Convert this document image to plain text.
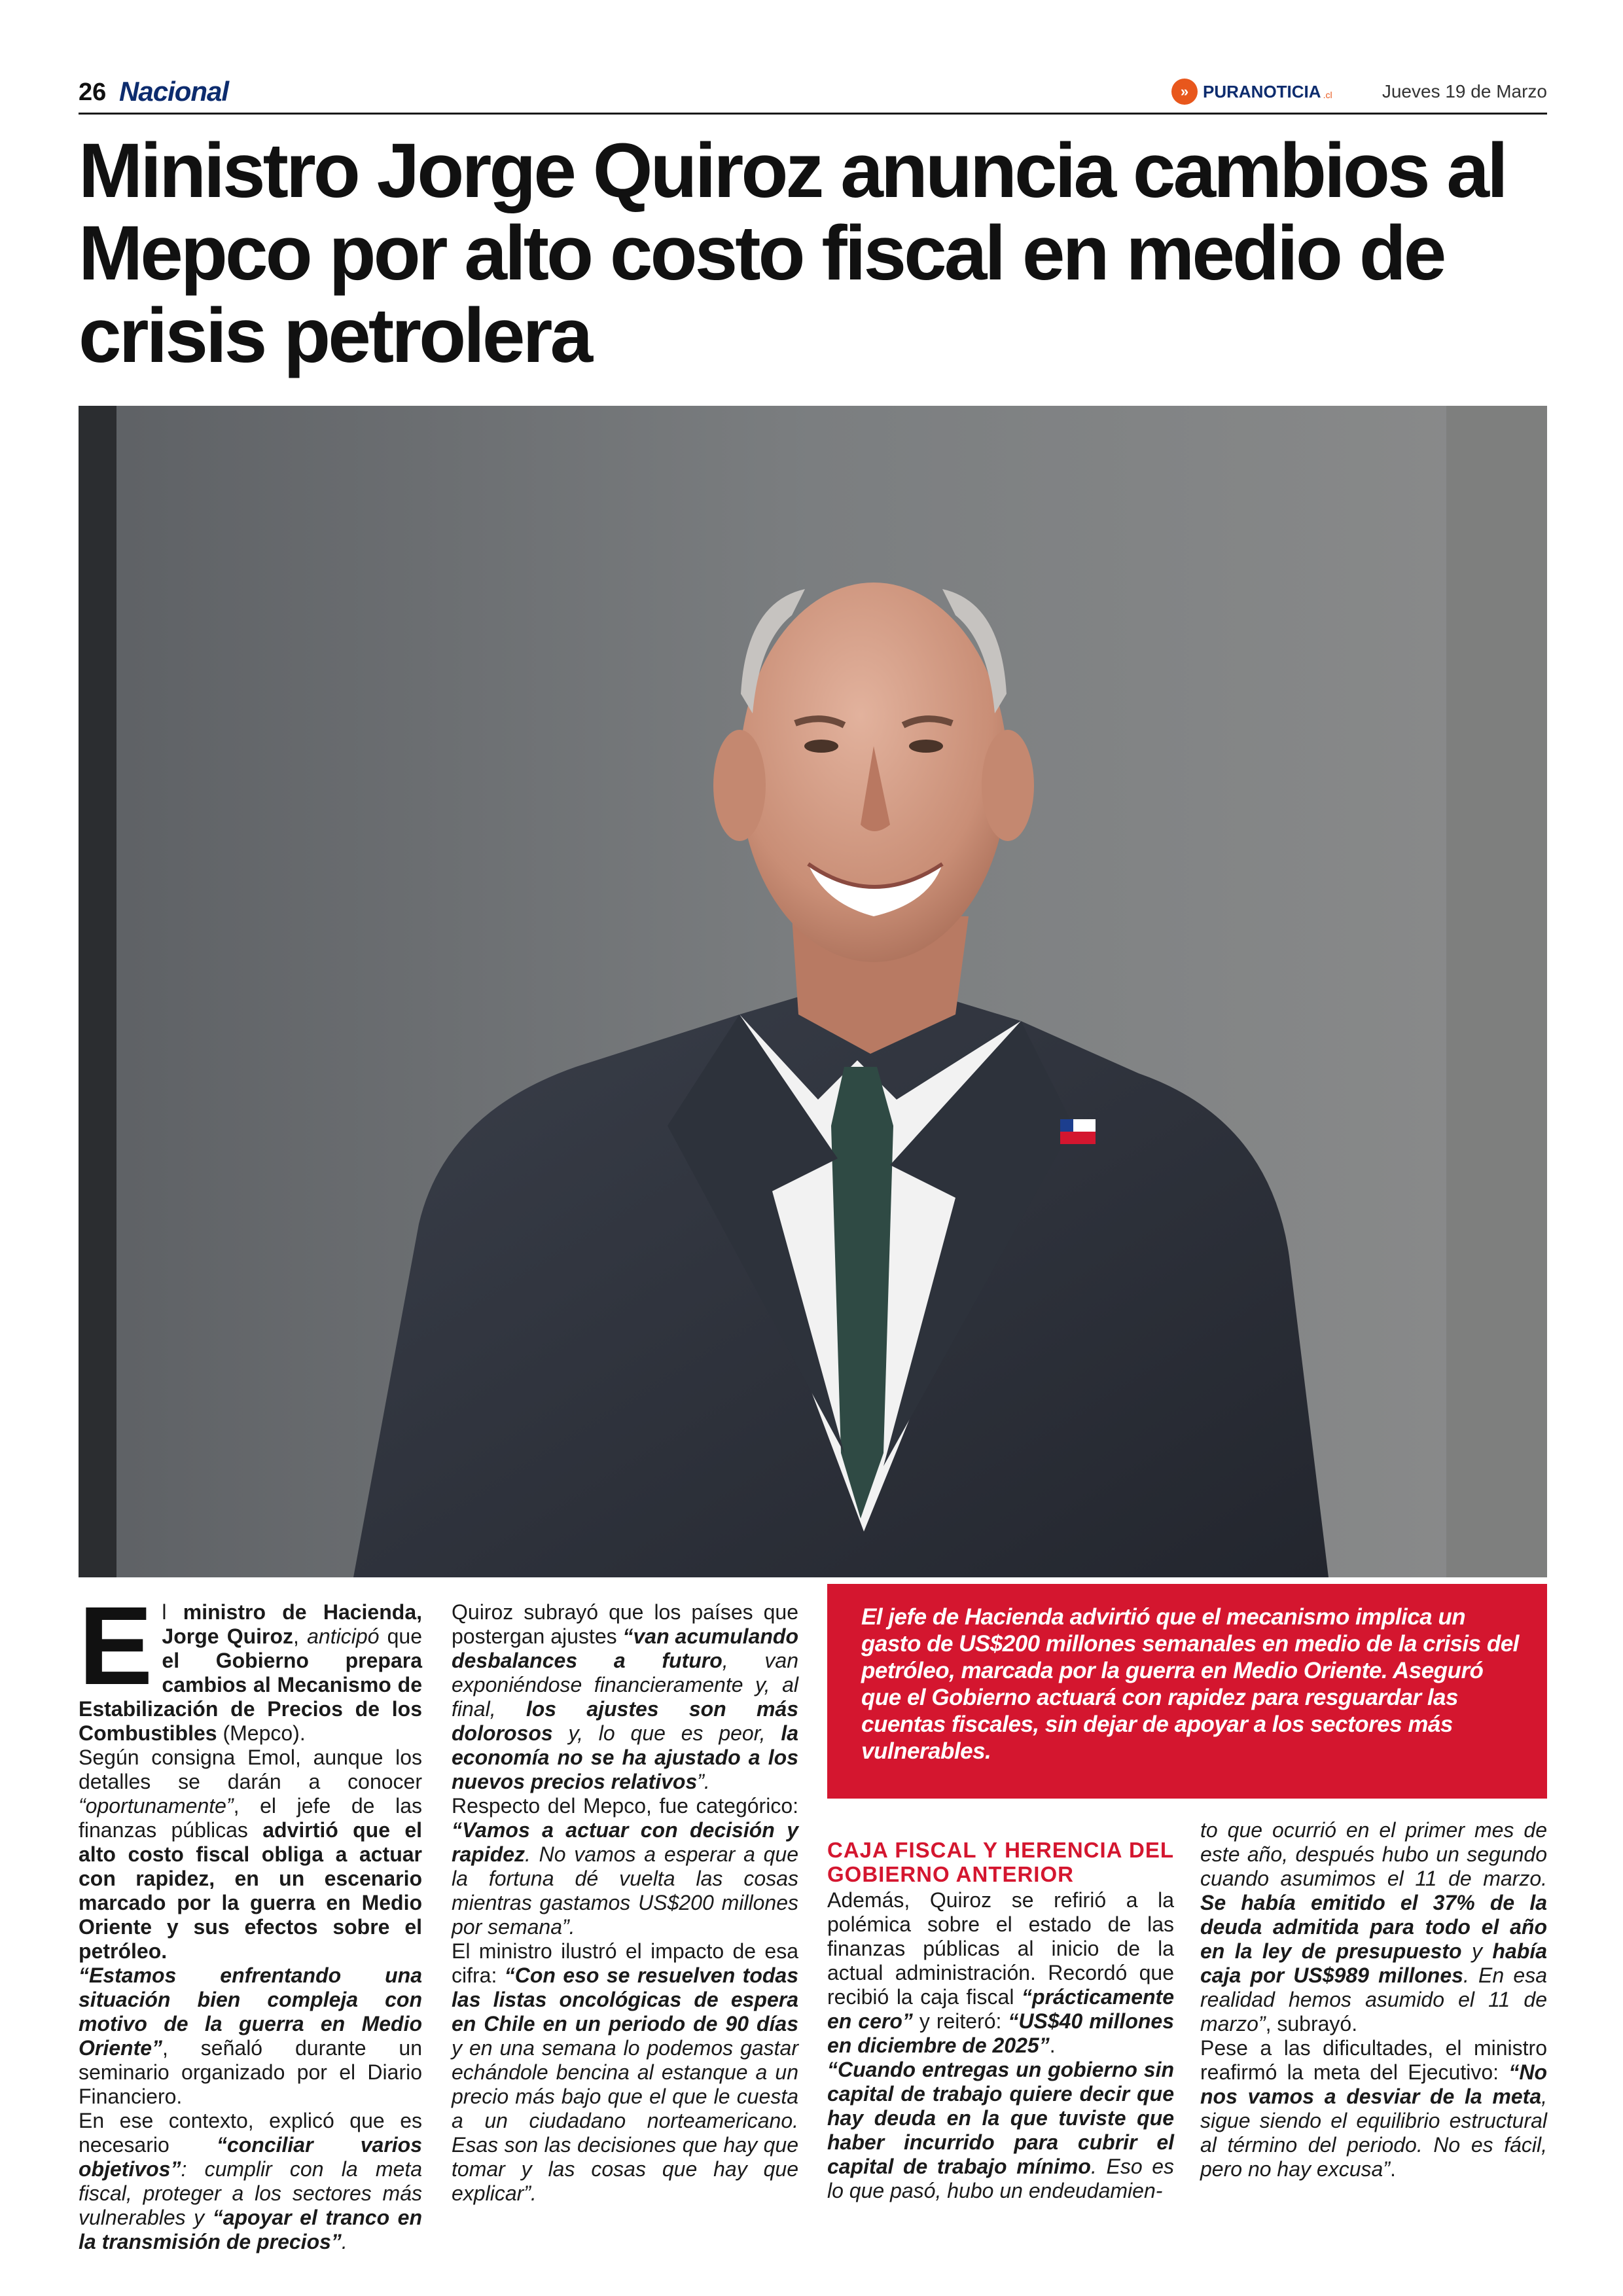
26 Nacional	» PURANOTICIA .cl	Jueves 19 de Marzo
Ministro Jorge Quiroz anuncia cambios al Mepco por alto costo fiscal en medio de crisis petrolera
E l ministro de Hacienda, Jorge Quiroz, anticipó que el Gobierno prepara cambios al Mecanismo de Estabilización de Precios de los Combustibles (Mepco).
Según consigna Emol, aunque los detalles se darán a conocer “oportunamente”, el jefe de las finanzas públicas advirtió que el alto costo fiscal obliga a actuar con rapidez, en un escenario marcado por la guerra en Medio Oriente y sus efectos sobre el petróleo.
“Estamos enfrentando una situación bien compleja con motivo de la guerra en Medio Oriente”, señaló durante un seminario organizado por el Diario Financiero.
En ese contexto, explicó que es necesario “conciliar varios objetivos”: cumplir con la meta fiscal, proteger a los sectores más vulnerables y “apoyar el tranco en la transmisión de precios”.

Quiroz subrayó que los países que postergan ajustes “van acumulando desbalances a futuro, van exponiéndose financieramente y, al final, los ajustes son más dolorosos y, lo que es peor, la economía no se ha ajustado a los nuevos precios relativos”.
Respecto del Mepco, fue categórico: “Vamos a actuar con decisión y rapidez. No vamos a esperar a que la fortuna dé vuelta las cosas mientras gastamos US$200 millones por semana”.
El ministro ilustró el impacto de esa cifra: “Con eso se resuelven todas las listas oncológicas de espera en Chile en un periodo de 90 días y en una semana lo podemos gastar echándole bencina al estanque a un precio más bajo que el que le cuesta a un ciudadano norteamericano. Esas son las decisiones que hay que tomar y las cosas que hay que explicar”.

El jefe de Hacienda advirtió que el mecanismo implica un gasto de US$200 millones semanales en medio de la crisis del petróleo, marcada por la guerra en Medio Oriente. Aseguró que el Gobierno actuará con rapidez para resguardar las cuentas fiscales, sin dejar de apoyar a los sectores más vulnerables.
CAJA FISCAL Y HERENCIA DEL GOBIERNO ANTERIOR

Además, Quiroz se refirió a la polémica sobre el estado de las finanzas públicas al inicio de la actual administración. Recordó que recibió la caja fiscal “prácticamente en cero” y reiteró: “US$40 millones en diciembre de 2025”.
“Cuando entregas un gobierno sin capital de trabajo quiere decir que hay deuda en la que tuviste que haber incurrido para cubrir el capital de trabajo mínimo. Eso es lo que pasó, hubo un endeudamien-

to que ocurrió en el primer mes de este año, después hubo un segundo cuando asumimos el 11 de marzo. Se había emitido el 37% de la deuda admitida para todo el año en la ley de presupuesto y había caja por US$989 millones. En esa realidad hemos asumido el 11 de marzo”, subrayó.
Pese a las dificultades, el ministro reafirmó la meta del Ejecutivo: “No nos vamos a desviar de la meta, sigue siendo el equilibrio estructural al término del periodo. No es fácil, pero no hay excusa”.
